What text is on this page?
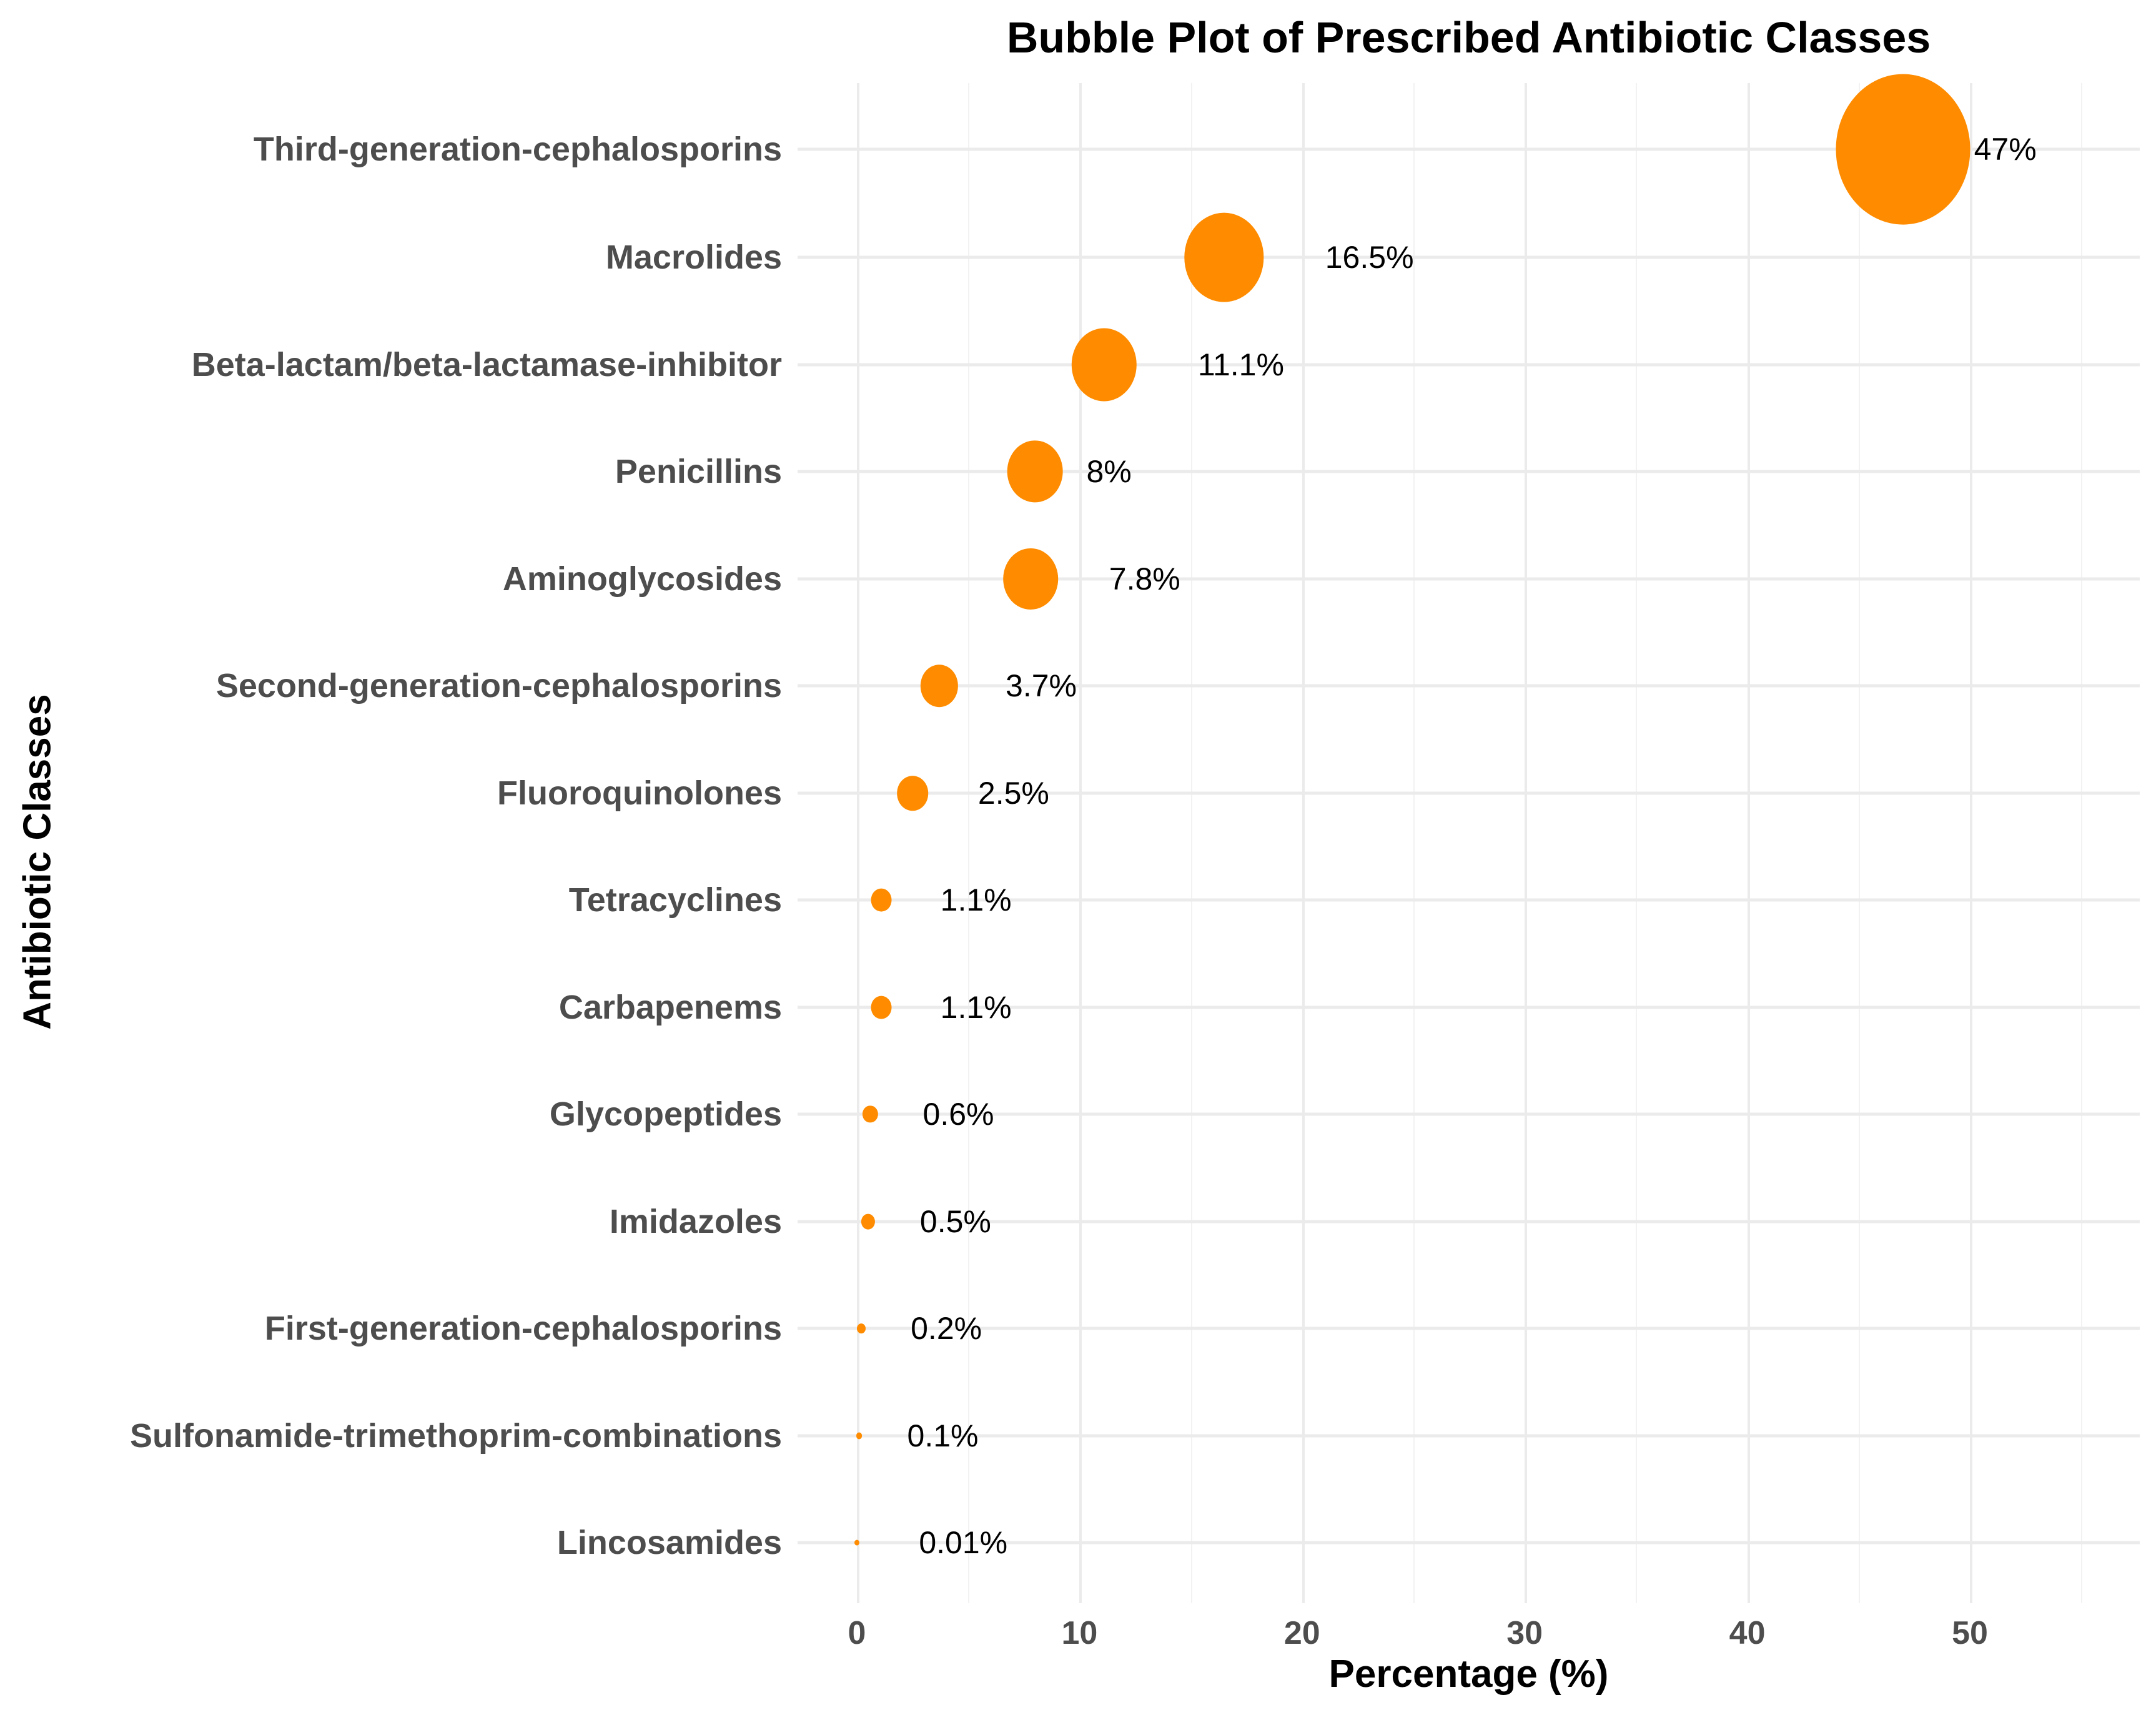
Bubble Plot of Prescribed Antibiotic Classes
Antibiotic Classes
Percentage (%)
47%
16.5%
11.1%
8%
7.8%
3.7%
2.5%
1.1%
1.1%
0.6%
0.5%
0.2%
0.1%
0.01%
Third-generation-cephalosporins
Macrolides
Beta-lactam/beta-lactamase-inhibitor
Penicillins
Aminoglycosides
Second-generation-cephalosporins
Fluoroquinolones
Tetracyclines
Carbapenems
Glycopeptides
Imidazoles
First-generation-cephalosporins
Sulfonamide-trimethoprim-combinations
Lincosamides
0	10	20	30	40	50
